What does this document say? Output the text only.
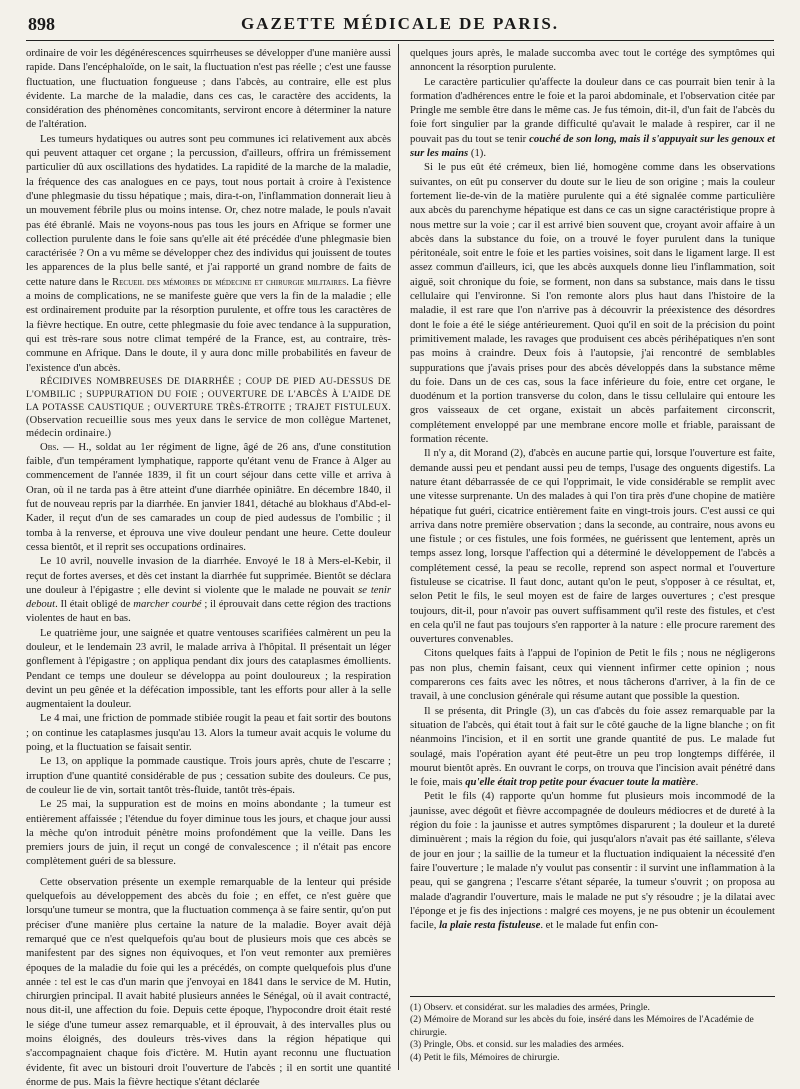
898	GAZETTE MÉDICALE DE PARIS.

ordinaire de voir les dégénérescences squirrheuses se développer d'une manière aussi rapide. Dans l'encéphaloïde, on le sait, la fluctuation n'est pas réelle ; c'est une fausse fluctuation, une fluctuation fongueuse ; dans l'abcès, au contraire, elle est plus évidente. La marche de la maladie, dans ces cas, le caractère des accidents, la considération des phénomènes concomitants, serviront encore à déterminer la nature de l'altération.

Les tumeurs hydatiques ou autres sont peu communes ici relativement aux abcès qui peuvent attaquer cet organe ; la percussion, d'ailleurs, offrira un frémissement particulier dû aux oscillations des hydatides. La rapidité de la marche de la maladie, la fréquence des cas analogues en ce pays, tout nous portait à croire à l'existence d'une phlegmasie du tissu hépatique ; mais, dira-t-on, l'inflammation donnerait lieu à un mouvement fébrile plus ou moins intense. Or, chez notre malade, le pouls n'avait pas été ébranlé. Mais ne voyons-nous pas tous les jours en Afrique se former une collection purulente dans le foie sans qu'elle ait été précédée d'une phlegmasie bien caractérisée ? On a vu même se développer chez des individus qui jouissent de toutes les apparences de la plus belle santé, et j'ai rapporté un grand nombre de faits de cette nature dans le Recueil des mémoires de médecine et chirurgie militaires. La fièvre a moins de complications, ne se manifeste guère que vers la fin de la maladie ; elle est ordinairement produite par la résorption purulente, et offre tous les caractères de la fièvre hectique. En outre, cette phlegmasie du foie avec tendance à la suppuration, qui est très-rare sous notre climat tempéré de la France, est, au contraire, très-commune en Afrique. Dans le doute, il y aura donc mille probabilités en faveur de l'existence d'un abcès.

RÉCIDIVES NOMBREUSES DE DIARRHÉE ; COUP DE PIED AU-DESSUS DE L'OMBILIC ; SUPPURATION DU FOIE ; OUVERTURE DE L'ABCÈS À L'AIDE DE LA POTASSE CAUSTIQUE ; OUVERTURE TRÈS-ÉTROITE ; TRAJET FISTULEUX. (Observation recueillie sous mes yeux dans le service de mon collègue Martenet, médecin ordinaire.)

Obs. — H., soldat au 1er régiment de ligne, âgé de 26 ans, d'une constitution faible, d'un tempérament lymphatique, rapporte qu'étant venu de France à Alger au commencement de l'année 1839, il fit un court séjour dans cette ville et arriva à Oran, où il ne tarda pas à être atteint d'une diarrhée opiniâtre. En décembre 1840, il fut de nouveau repris par la diarrhée. En janvier 1841, détaché au blokhaus d'Abd-el-Kader, il reçut d'un de ses camarades un coup de pied audessus de l'ombilic ; il tomba à la renverse, et éprouva une vive douleur pendant une heure. Cette douleur cessa bientôt, et il reprit ses occupations ordinaires.

Le 10 avril, nouvelle invasion de la diarrhée. Envoyé le 18 à Mers-el-Kebir, il reçut de fortes averses, et dès cet instant la diarrhée fut supprimée. Bientôt se déclara une douleur à l'épigastre ; elle devint si violente que le malade ne pouvait se tenir debout. Il était obligé de marcher courbé ; il éprouvait dans cette région des tractions violentes de haut en bas.

Le quatrième jour, une saignée et quatre ventouses scarifiées calmèrent un peu la douleur, et le lendemain 23 avril, le malade arriva à l'hôpital. Il présentait un léger gonflement à l'épigastre ; on appliqua pendant dix jours des cataplasmes émollients. Pendant ce temps une douleur se développa au point douloureux ; la respiration devint un peu gênée et la défécation impossible, tant les efforts pour aller à la selle augmentaient la douleur.

Le 4 mai, une friction de pommade stibiée rougit la peau et fait sortir des boutons ; on continue les cataplasmes jusqu'au 13. Alors la tumeur avait acquis le volume du poing, et la fluctuation se faisait sentir.

Le 13, on applique la pommade caustique. Trois jours après, chute de l'escarre ; irruption d'une quantité considérable de pus ; cessation subite des douleurs. Ce pus, de couleur lie de vin, sortait tantôt très-fluide, tantôt très-épais.

Le 25 mai, la suppuration est de moins en moins abondante ; la tumeur est entièrement affaissée ; l'étendue du foyer diminue tous les jours, et chaque jour aussi la mèche qu'on introduit pénètre moins profondément que la veille. Dans les premiers jours de juin, il reçut un congé de convalescence ; il n'était pas encore complètement guéri de sa blessure.

Cette observation présente un exemple remarquable de la lenteur qui préside quelquefois au développement des abcès du foie ; en effet, ce n'est guère que lorsqu'une tumeur se montra, que la fluctuation commença à se faire sentir, qu'on put préciser d'une manière plus certaine la nature de la maladie. Boyer avait déjà remarqué que ce n'est quelquefois qu'au bout de plusieurs mois que ces abcès se manifestent par des signes non équivoques, et l'on veut remonter aux premières époques de la maladie du foie qui les a précédés, on compte quelquefois plus d'une année : tel est le cas d'un marin que j'envoyai en 1841 dans le service de M. Hutin, chirurgien principal. Il avait habité plusieurs années le Sénégal, où il avait contracté, nous dit-il, une affection du foie. Depuis cette époque, l'hypocondre droit était resté le siége d'une tumeur assez remarquable, et il éprouvait, à des intervalles plus ou moins éloignés, des douleurs très-vives dans la région hépatique qui s'accompagnaient chaque fois d'ictère. M. Hutin ayant reconnu une fluctuation évidente, fit avec un bistouri droit l'ouverture de l'abcès ; il en sortit une quantité énorme de pus. Mais la fièvre hectique s'étant déclarée

quelques jours après, le malade succomba avec tout le cortége des symptômes qui annoncent la résorption purulente.

Le caractère particulier qu'affecte la douleur dans ce cas pourrait bien tenir à la formation d'adhérences entre le foie et la paroi abdominale, et l'observation citée par Pringle me semble être dans le même cas. Je fus témoin, dit-il, d'un fait de l'abcès du foie fort singulier par la grande difficulté qu'avait le malade à respirer, car il ne pouvait pas du tout se tenir couché de son long, mais il s'appuyait sur les genoux et sur les mains (1).

Si le pus eût été crémeux, bien lié, homogène comme dans les observations suivantes, on eût pu conserver du doute sur le lieu de son origine ; mais la couleur fortement lie-de-vin de la matière purulente qui a été signalée comme particulière aux abcès du parenchyme hépatique est dans ce cas un signe caractéristique propre à nous mettre sur la voie ; car il est arrivé bien souvent que, croyant avoir affaire à un abcès dans la substance du foie, on a trouvé le foyer purulent dans la tunique péritonéale, soit entre le foie et les parties voisines, soit dans le ligament large. Il est assez commun d'ailleurs, ici, que les abcès auxquels donne lieu l'inflammation, soit aiguë, soit chronique du foie, se forment, non dans sa substance, mais dans le tissu cellulaire qui l'environne. Si l'on remonte alors plus haut dans l'histoire de la maladie, il est rare que l'on n'arrive pas à découvrir la préexistence des désordres dont le foie a été le siége antérieurement. Quoi qu'il en soit de la précision du point primitivement malade, les ravages que produisent ces abcès périhépatiques n'en sont pas moins à craindre. Deux fois à l'autopsie, j'ai rencontré de semblables suppurations que j'avais prises pour des abcès développés dans la substance même du foie. Dans un de ces cas, sous la face inférieure du foie, entre cet organe, le duodénum et la portion transverse du colon, dans le tissu cellulaire qui entoure les gros vaisseaux de cet organe, existait un abcès parfaitement circonscrit, complétement enveloppé par une membrane encore molle et friable, paraissant de formation récente.

Il n'y a, dit Morand (2), d'abcès en aucune partie qui, lorsque l'ouverture est faite, demande aussi peu et pendant aussi peu de temps, l'usage des onguents digestifs. La nature étant débarrassée de ce qui l'opprimait, le vide considérable se remplit avec une vitesse surprenante. Un des malades à qui l'on tira près d'une chopine de matière hépatique fut guéri, cicatrice entièrement faite en vingt-trois jours. C'est aussi ce qui arriva dans notre première observation ; dans la seconde, au contraire, nous avons eu une fistule ; or ces fistules, une fois formées, ne guérissent que lentement, après un temps assez long, lorsque l'affection qui a déterminé le développement de l'abcès a complétement cessé, la peau se recolle, reprend son aspect normal et l'ouverture fistuleuse se cicatrise. Il faut donc, autant qu'on le peut, s'opposer à ce résultat, et, selon Petit le fils, le seul moyen est de faire de larges ouvertures ; c'est presque toujours, dit-il, pour n'avoir pas ouvert suffisamment qu'il reste des fistules, et c'est en cela qu'il ne faut pas toujours s'en rapporter à la nature : elle procure rarement des ouvertures convenables.

Citons quelques faits à l'appui de l'opinion de Petit le fils ; nous ne négligerons pas non plus, chemin faisant, ceux qui viennent infirmer cette opinion ; nous comparerons ces faits avec les nôtres, et nous tâcherons d'arriver, à la fin de ce travail, à une conclusion générale qui résume autant que possible la question.

Il se présenta, dit Pringle (3), un cas d'abcès du foie assez remarquable par la situation de l'abcès, qui était tout à fait sur le côté gauche de la ligne blanche ; on fit néanmoins l'incision, et il en sortit une grande quantité de pus. Le malade fut soulagé, mais l'opération ayant été peut-être un peu trop longtemps différée, il mourut bientôt après. En ouvrant le corps, on trouva que l'incision avait pénétré dans le foie, mais qu'elle était trop petite pour évacuer toute la matière.

Petit le fils (4) rapporte qu'un homme fut plusieurs mois incommodé de la jaunisse, avec dégoût et fièvre accompagnée de douleurs médiocres et de dureté à la région du foie : la jaunisse et autres symptômes disparurent ; la douleur et la dureté diminuèrent ; mais la région du foie, qui jusqu'alors n'avait pas été saillante, s'éleva de jour en jour ; la saillie de la tumeur et la fluctuation indiquaient la nécessité d'en faire l'ouverture ; le malade n'y voulut pas consentir : il survint une inflammation à la peau, qui se gangrena ; l'escarre s'étant séparée, la tumeur s'ouvrit ; on proposa au malade d'agrandir l'ouverture, mais le malade ne put s'y résoudre ; je la dilatai avec l'éponge et je fis des injections : malgré ces moyens, je ne pus obtenir un écoulement facile, la plaie resta fistuleuse. et le malade fut enfin con-

(1) Observ. et considérat. sur les maladies des armées, Pringle.

(2) Mémoire de Morand sur les abcès du foie, inséré dans les Mémoires de l'Académie de chirurgie.

(3) Pringle, Obs. et consid. sur les maladies des armées.

(4) Petit le fils, Mémoires de chirurgie.
